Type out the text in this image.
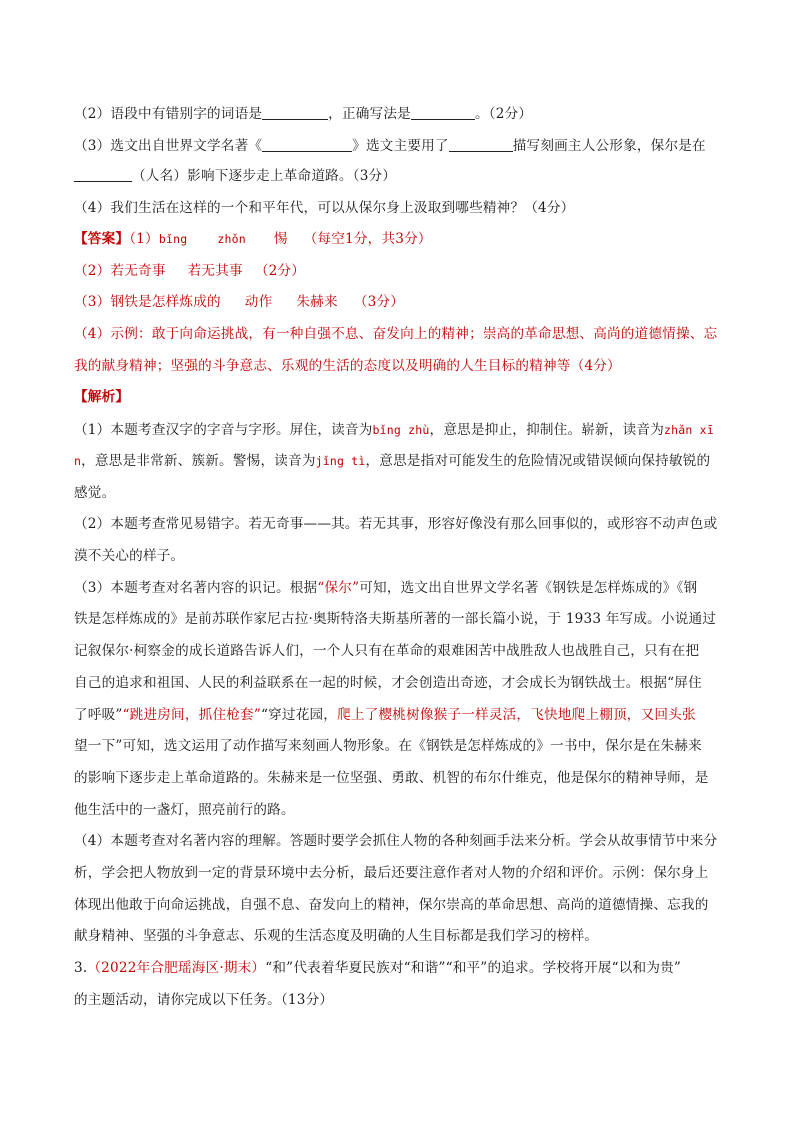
（2）语段中有错别字的词语是	，正确写法是	。（2分）
（3）选文出自世界文学名著《	》选文主要用了	描写刻画主人公形象，保尔是在
（人名）影响下逐步走上革命道路。（3分）
（4）我们生活在这样的一个和平年代，可以从保尔身上汲取到哪些精神？（4分）
【答案】（1）bǐng	zhǒn 惕 （每空1分，共3分）
（2）若无奇事 若无其事 （2分）
（3）钢铁是怎样炼成的 动作 朱赫来 （3分）
（4）示例：敢于向命运挑战，有一种自强不息、奋发向上的精神；崇高的革命思想、高尚的道德情操、忘
我的献身精神；坚强的斗争意志、乐观的生活的态度以及明确的人生目标的精神等（4分）
【解析】
（1）本题考查汉字的字音与字形。屏住，读音为bǐng zhù，意思是抑止，抑制住。崭新，读音为zhǎn xī
n，意思是非常新、簇新。警惕，读音为jǐng tì，意思是指对可能发生的危险情况或错误倾向保持敏锐的
感觉。
（2）本题考查常见易错字。若无奇事——其。若无其事，形容好像没有那么回事似的，或形容不动声色或
漠不关心的样子。
（3）本题考查对名著内容的识记。根据“保尔”可知，选文出自世界文学名著《钢铁是怎样炼成的》《钢
铁是怎样炼成的》是前苏联作家尼古拉·奥斯特洛夫斯基所著的一部长篇小说，于 1933 年写成。小说通过
记叙保尔·柯察金的成长道路告诉人们，一个人只有在革命的艰难困苦中战胜敌人也战胜自己，只有在把
自己的追求和祖国、人民的利益联系在一起的时候，才会创造出奇迹，才会成长为钢铁战士。根据“屏住
了呼吸”“跳进房间，抓住枪套”“穿过花园，爬上了樱桃树像猴子一样灵活，飞快地爬上棚顶，又回头张
望一下”可知，选文运用了动作描写来刻画人物形象。在《钢铁是怎样炼成的》一书中，保尔是在朱赫来
的影响下逐步走上革命道路的。朱赫来是一位坚强、勇敢、机智的布尔什维克，他是保尔的精神导师，是
他生活中的一盏灯，照亮前行的路。
（4）本题考查对名著内容的理解。答题时要学会抓住人物的各种刻画手法来分析。学会从故事情节中来分
析，学会把人物放到一定的背景环境中去分析，最后还要注意作者对人物的介绍和评价。示例：保尔身上
体现出他敢于向命运挑战，自强不息、奋发向上的精神，保尔崇高的革命思想、高尚的道德情操、忘我的
献身精神、坚强的斗争意志、乐观的生活态度及明确的人生目标都是我们学习的榜样。
3.（2022年合肥瑶海区·期末）“和”代表着华夏民族对“和谐”“和平”的追求。学校将开展“以和为贵”
的主题活动，请你完成以下任务。（13分）
